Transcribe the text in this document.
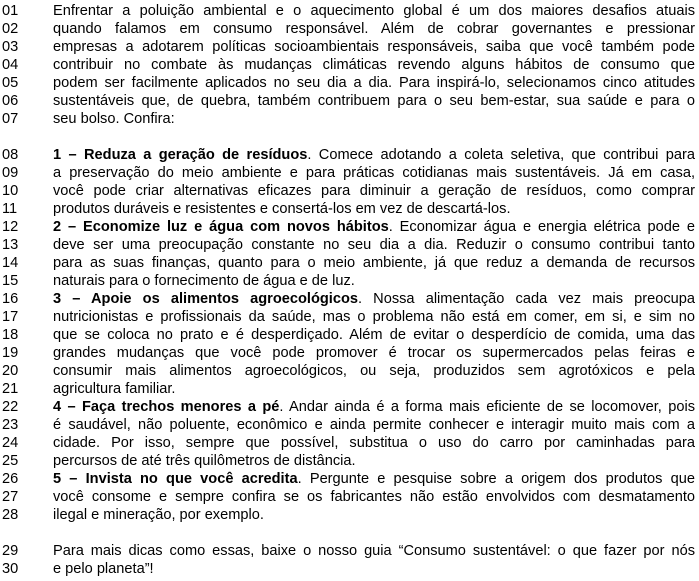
01	Enfrentar a poluição ambiental e o aquecimento global é um dos maiores desafios atuais
02	quando falamos em consumo responsável. Além de cobrar governantes e pressionar
03	empresas a adotarem políticas socioambientais responsáveis, saiba que você também pode
04	contribuir no combate às mudanças climáticas revendo alguns hábitos de consumo que
05	podem ser facilmente aplicados no seu dia a dia. Para inspirá-lo, selecionamos cinco atitudes
06	sustentáveis que, de quebra, também contribuem para o seu bem-estar, sua saúde e para o
07	seu bolso. Confira:
08	1 – Reduza a geração de resíduos. Comece adotando a coleta seletiva, que contribui para
09	a preservação do meio ambiente e para práticas cotidianas mais sustentáveis. Já em casa,
10	você pode criar alternativas eficazes para diminuir a geração de resíduos, como comprar
11	produtos duráveis e resistentes e consertá-los em vez de descartá-los.
12	2 – Economize luz e água com novos hábitos. Economizar água e energia elétrica pode e
13	deve ser uma preocupação constante no seu dia a dia. Reduzir o consumo contribui tanto
14	para as suas finanças, quanto para o meio ambiente, já que reduz a demanda de recursos
15	naturais para o fornecimento de água e de luz.
16	3 – Apoie os alimentos agroecológicos. Nossa alimentação cada vez mais preocupa
17	nutricionistas e profissionais da saúde, mas o problema não está em comer, em si, e sim no
18	que se coloca no prato e é desperdiçado. Além de evitar o desperdício de comida, uma das
19	grandes mudanças que você pode promover é trocar os supermercados pelas feiras e
20	consumir mais alimentos agroecológicos, ou seja, produzidos sem agrotóxicos e pela
21	agricultura familiar.
22	4 – Faça trechos menores a pé. Andar ainda é a forma mais eficiente de se locomover, pois
23	é saudável, não poluente, econômico e ainda permite conhecer e interagir muito mais com a
24	cidade. Por isso, sempre que possível, substitua o uso do carro por caminhadas para
25	percursos de até três quilômetros de distância.
26	5 – Invista no que você acredita. Pergunte e pesquise sobre a origem dos produtos que
27	você consome e sempre confira se os fabricantes não estão envolvidos com desmatamento
28	ilegal e mineração, por exemplo.
29	Para mais dicas como essas, baixe o nosso guia “Consumo sustentável: o que fazer por nós
30	e pelo planeta”!
